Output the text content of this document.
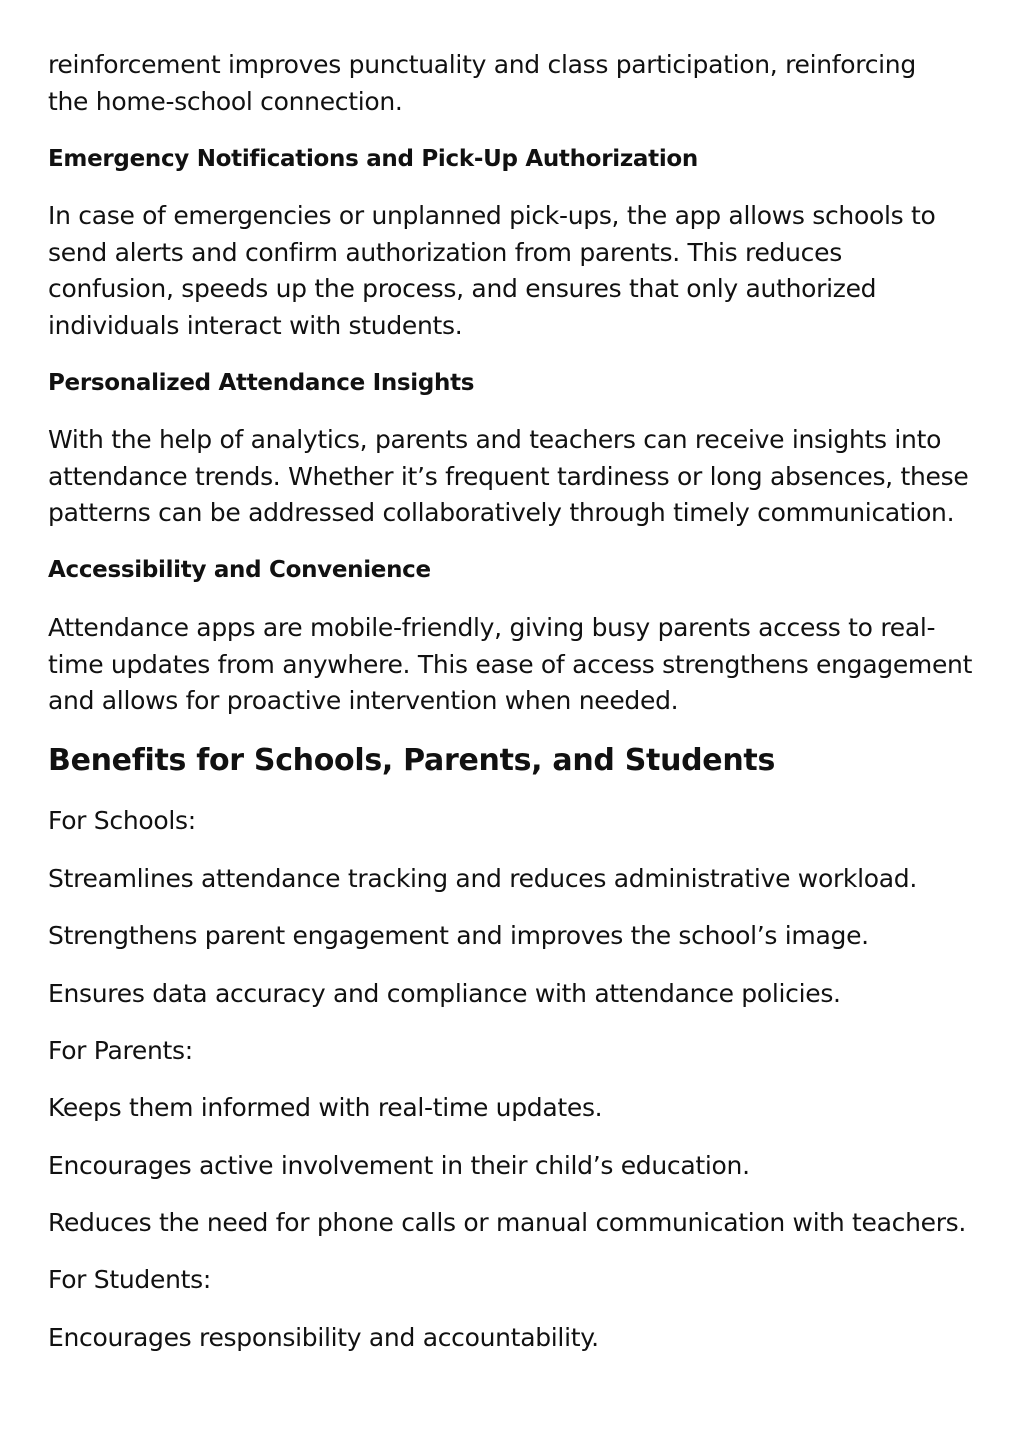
reinforcement improves punctuality and class participation, reinforcing
the home-school connection.
Emergency Notifications and Pick-Up Authorization
In case of emergencies or unplanned pick-ups, the app allows schools to
send alerts and confirm authorization from parents. This reduces
confusion, speeds up the process, and ensures that only authorized
individuals interact with students.
Personalized Attendance Insights
With the help of analytics, parents and teachers can receive insights into
attendance trends. Whether it’s frequent tardiness or long absences, these
patterns can be addressed collaboratively through timely communication.
Accessibility and Convenience
Attendance apps are mobile-friendly, giving busy parents access to real-
time updates from anywhere. This ease of access strengthens engagement
and allows for proactive intervention when needed.
Benefits for Schools, Parents, and Students
For Schools:
Streamlines attendance tracking and reduces administrative workload.
Strengthens parent engagement and improves the school’s image.
Ensures data accuracy and compliance with attendance policies.
For Parents:
Keeps them informed with real-time updates.
Encourages active involvement in their child’s education.
Reduces the need for phone calls or manual communication with teachers.
For Students:
Encourages responsibility and accountability.
